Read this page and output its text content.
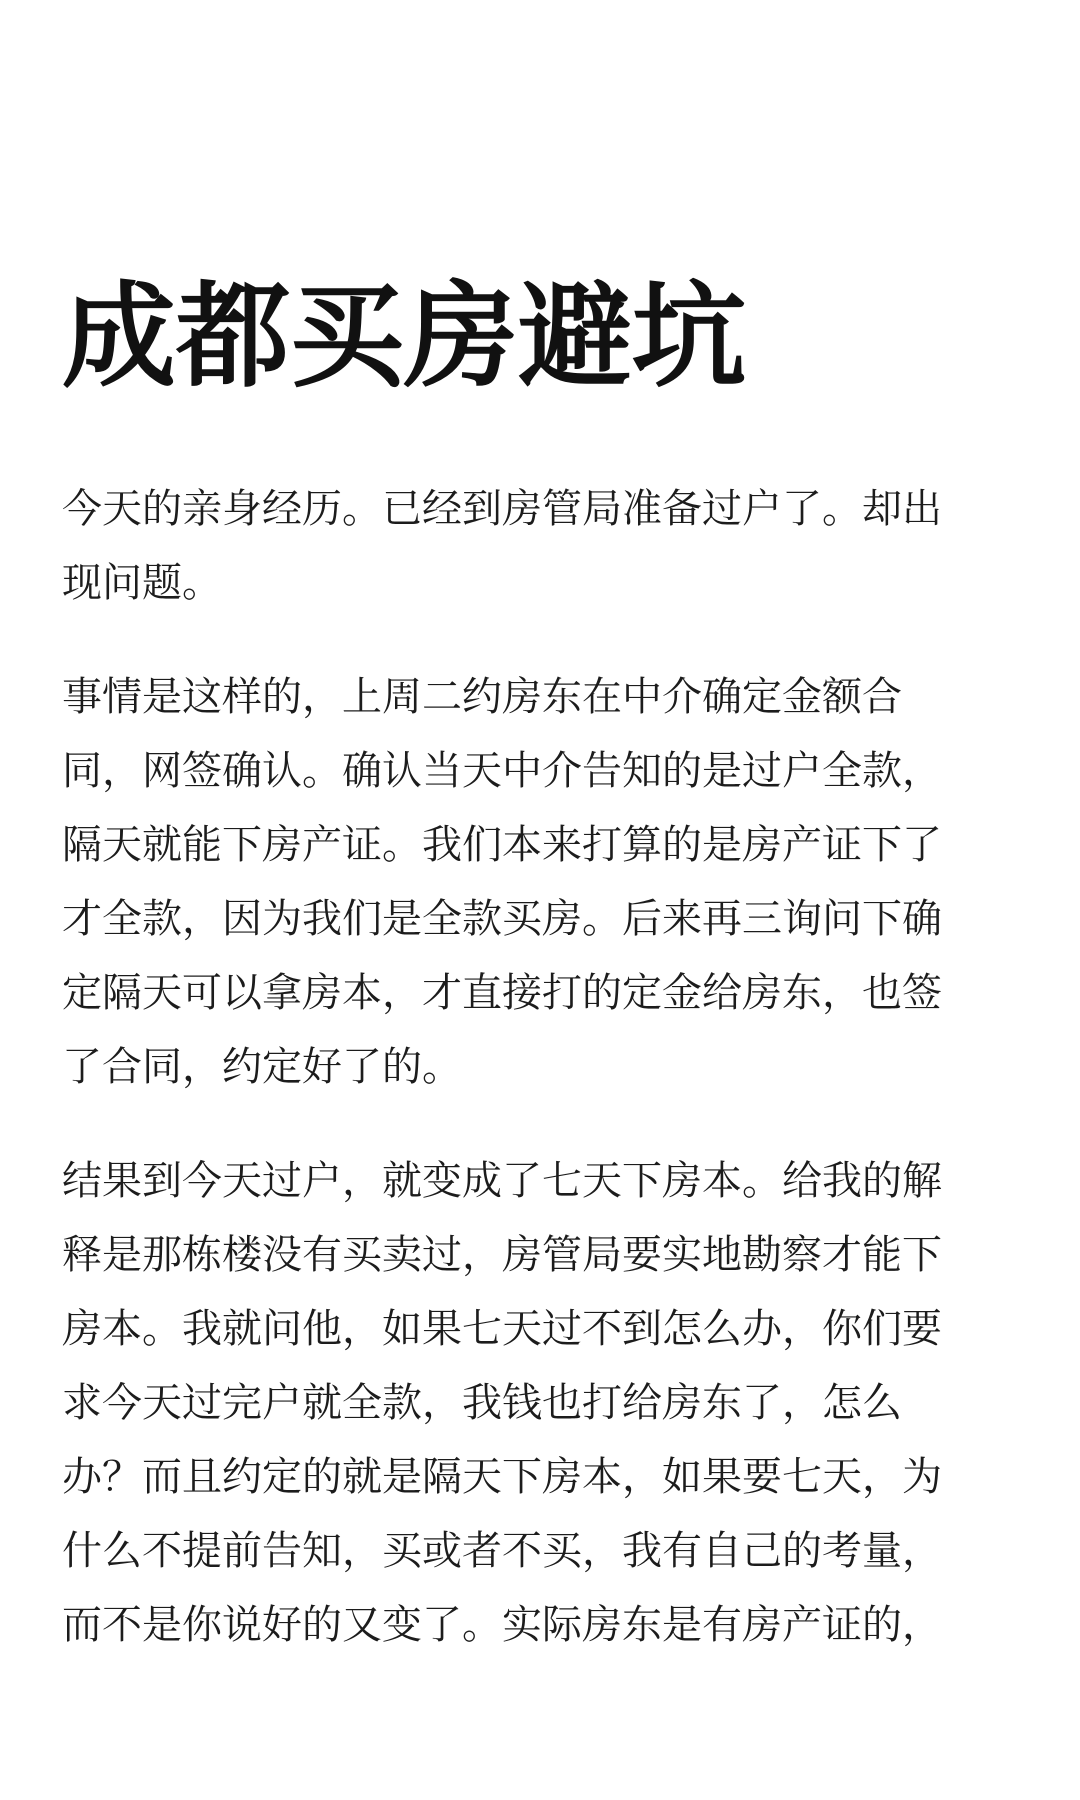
成都买房避坑

今天的亲身经历。已经到房管局准备过户了。却出
现问题。

事情是这样的，上周二约房东在中介确定金额合
同，网签确认。确认当天中介告知的是过户全款，
隔天就能下房产证。我们本来打算的是房产证下了
才全款，因为我们是全款买房。后来再三询问下确
定隔天可以拿房本，才直接打的定金给房东，也签
了合同，约定好了的。

结果到今天过户，就变成了七天下房本。给我的解
释是那栋楼没有买卖过，房管局要实地勘察才能下
房本。我就问他，如果七天过不到怎么办，你们要
求今天过完户就全款，我钱也打给房东了，怎么
办？而且约定的就是隔天下房本，如果要七天，为
什么不提前告知，买或者不买，我有自己的考量，
而不是你说好的又变了。实际房东是有房产证的，
